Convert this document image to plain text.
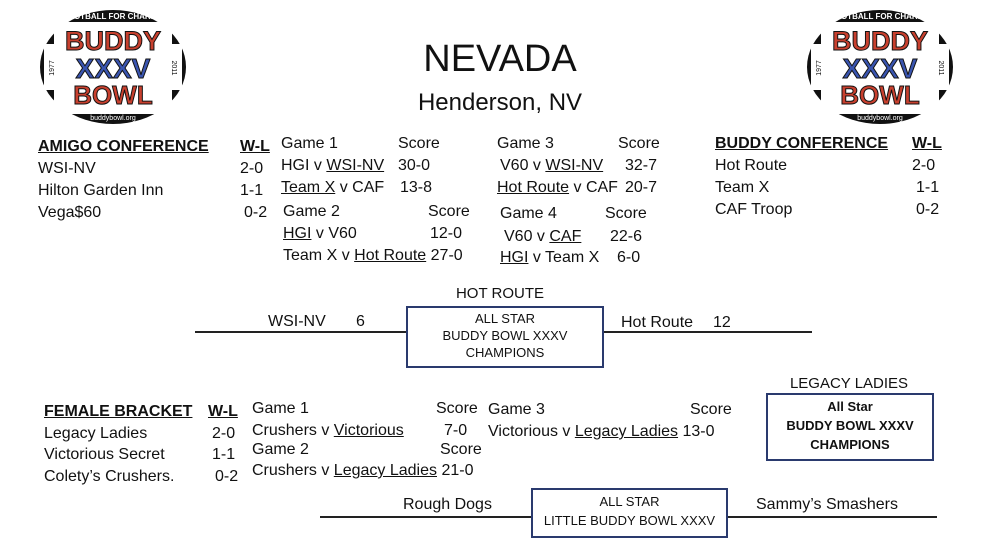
FOOTBALL FOR CHARITY
BUDDY
XXXV
BOWL
buddybowl.org
1977	2011
FOOTBALL FOR CHARITY
BUDDY
XXXV
BOWL
buddybowl.org
1977	2011
NEVADA
Henderson, NV
AMIGO CONFERENCE W-L
WSI-NV	2-0
Hilton Garden Inn	1-1
Vega$60	0-2
Game 1	Score
HGI v WSI-NV 30-0
Team X v CAF 13-8
Game 2	Score
HGI v V60	12-0
Team X v Hot Route 27-0
Game 3	Score
V60 v WSI-NV 32-7
Hot Route v CAF 20-7
Game 4	Score
V60 v CAF 22-6
HGI v Team X 6-0
BUDDY CONFERENCE W-L
Hot Route	2-0
Team X	1-1
CAF Troop	0-2
HOT ROUTE
WSI-NV 6	Hot Route 12
ALL STAR
BUDDY BOWL XXXV
CHAMPIONS
FEMALE BRACKET W-L
Legacy Ladies	2-0
Victorious Secret	1-1
Colety’s Crushers.	0-2
Game 1	Score
Crushers v Victorious	7-0
Game 2	Score
Crushers v Legacy Ladies 21-0
Game 3	Score
Victorious v Legacy Ladies 13-0
LEGACY LADIES
All Star
BUDDY BOWL XXXV
CHAMPIONS
Rough Dogs	Sammy’s Smashers
ALL STAR
LITTLE BUDDY BOWL XXXV
